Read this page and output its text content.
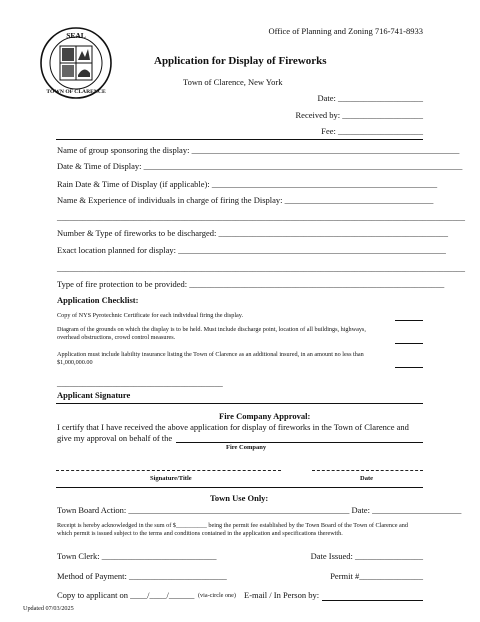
SEAL
TOWN OF CLARENCE
Office of Planning and Zoning 716-741-8933
Application for Display of Fireworks
Town of Clarence, New York
Date: ____________________
Received by: ___________________
Fee: ____________________
Name of group sponsoring the display: _______________________________________________________________
Date & Time of Display: ___________________________________________________________________________
Rain Date & Time of Display (if applicable): _____________________________________________________
Name & Experience of individuals in charge of firing the Display: ___________________________________
________________________________________________________________________________________________
Number & Type of fireworks to be discharged: ______________________________________________________
Exact location planned for display: _______________________________________________________________
________________________________________________________________________________________________
Type of fire protection to be provided: ____________________________________________________________
Application Checklist:
Copy of NYS Pyrotechnic Certificate for each individual firing the display.
Diagram of the grounds on which the display is to be held. Must include discharge point, location of all buildings, highways, overhead obstructions, crowd control measures.
Application must include liability insurance listing the Town of Clarence as an additional insured, in an amount no less than $1,000,000.00
_______________________________________
Applicant Signature
Fire Company Approval:
I certify that I have received the above application for display of fireworks in the Town of Clarence and give my approval on behalf of the
Fire Company
Signature/Title	Date
Town Use Only:
Town Board Action: ____________________________________________________ Date: _____________________
Receipt is hereby acknowledged in the sum of $__________ being the permit fee established by the Town Board of the Town of Clarence and which permit is issued subject to the terms and conditions contained in the application and specifications therewith.
Town Clerk: ___________________________	Date Issued: ________________
Method of Payment: _______________________	Permit #_______________
Copy to applicant on ____/____/______ (via-circle one) E-mail / In Person by:
Updated 07/03/2025
